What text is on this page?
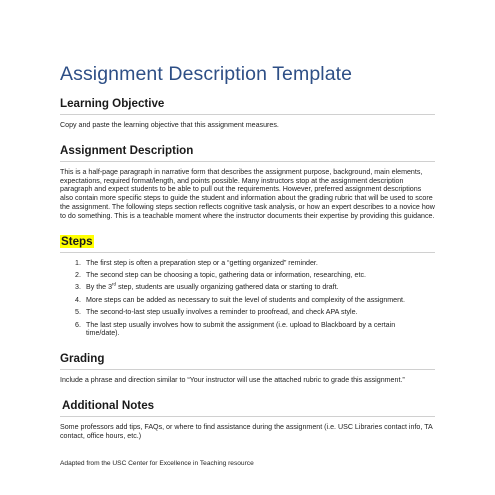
Assignment Description Template
Learning Objective

Copy and paste the learning objective that this assignment measures.

Assignment Description

This is a half-page paragraph in narrative form that describes the assignment purpose, background, main elements, expectations, required format/length, and points possible. Many instructors stop at the assignment description paragraph and expect students to be able to pull out the requirements. However, preferred assignment descriptions also contain more specific steps to guide the student and information about the grading rubric that will be used to score the assignment. The following steps section reflects cognitive task analysis, or how an expert describes to a novice how to do something. This is a teachable moment where the instructor documents their expertise by providing this guidance.

Steps
1. The first step is often a preparation step or a “getting organized” reminder.
2. The second step can be choosing a topic, gathering data or information, researching, etc.
3. By the 3rd step, students are usually organizing gathered data or starting to draft.
4. More steps can be added as necessary to suit the level of students and complexity of the assignment.
5. The second-to-last step usually involves a reminder to proofread, and check APA style.
6. The last step usually involves how to submit the assignment (i.e. upload to Blackboard by a certain time/date).
Grading

Include a phrase and direction similar to “Your instructor will use the attached rubric to grade this assignment.”

Additional Notes

Some professors add tips, FAQs, or where to find assistance during the assignment (i.e. USC Libraries contact info, TA contact, office hours, etc.)

Adapted from the USC Center for Excellence in Teaching resource
